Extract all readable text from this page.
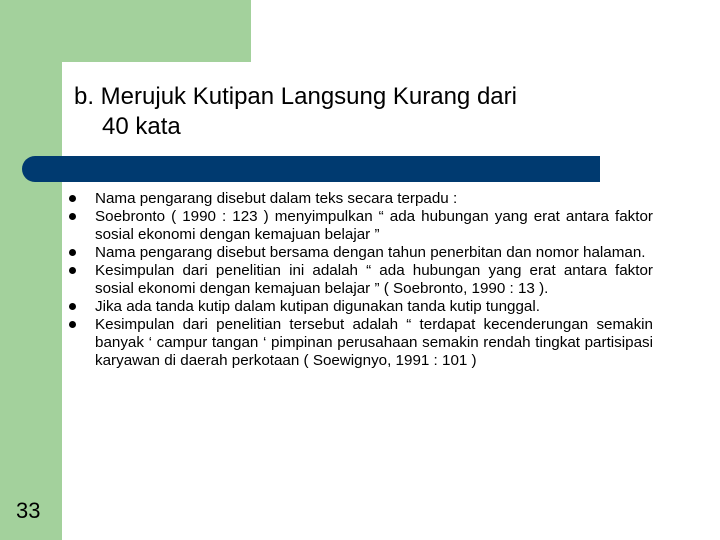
b. Merujuk Kutipan Langsung Kurang dari
40 kata
Nama pengarang disebut dalam teks secara terpadu :
Soebronto ( 1990 : 123 ) menyimpulkan “ ada hubungan yang erat antara faktor sosial ekonomi dengan kemajuan belajar ”
Nama pengarang disebut bersama dengan tahun penerbitan dan nomor halaman.
Kesimpulan dari penelitian ini adalah “ ada hubungan yang erat antara faktor sosial ekonomi dengan kemajuan belajar ” ( Soebronto, 1990 : 13 ).
Jika ada tanda kutip dalam kutipan digunakan tanda kutip tunggal.
Kesimpulan dari penelitian tersebut adalah “ terdapat kecenderungan semakin banyak ‘ campur tangan ‘ pimpinan perusahaan semakin rendah tingkat partisipasi karyawan di daerah perkotaan ( Soewignyo, 1991 : 101 )
33
